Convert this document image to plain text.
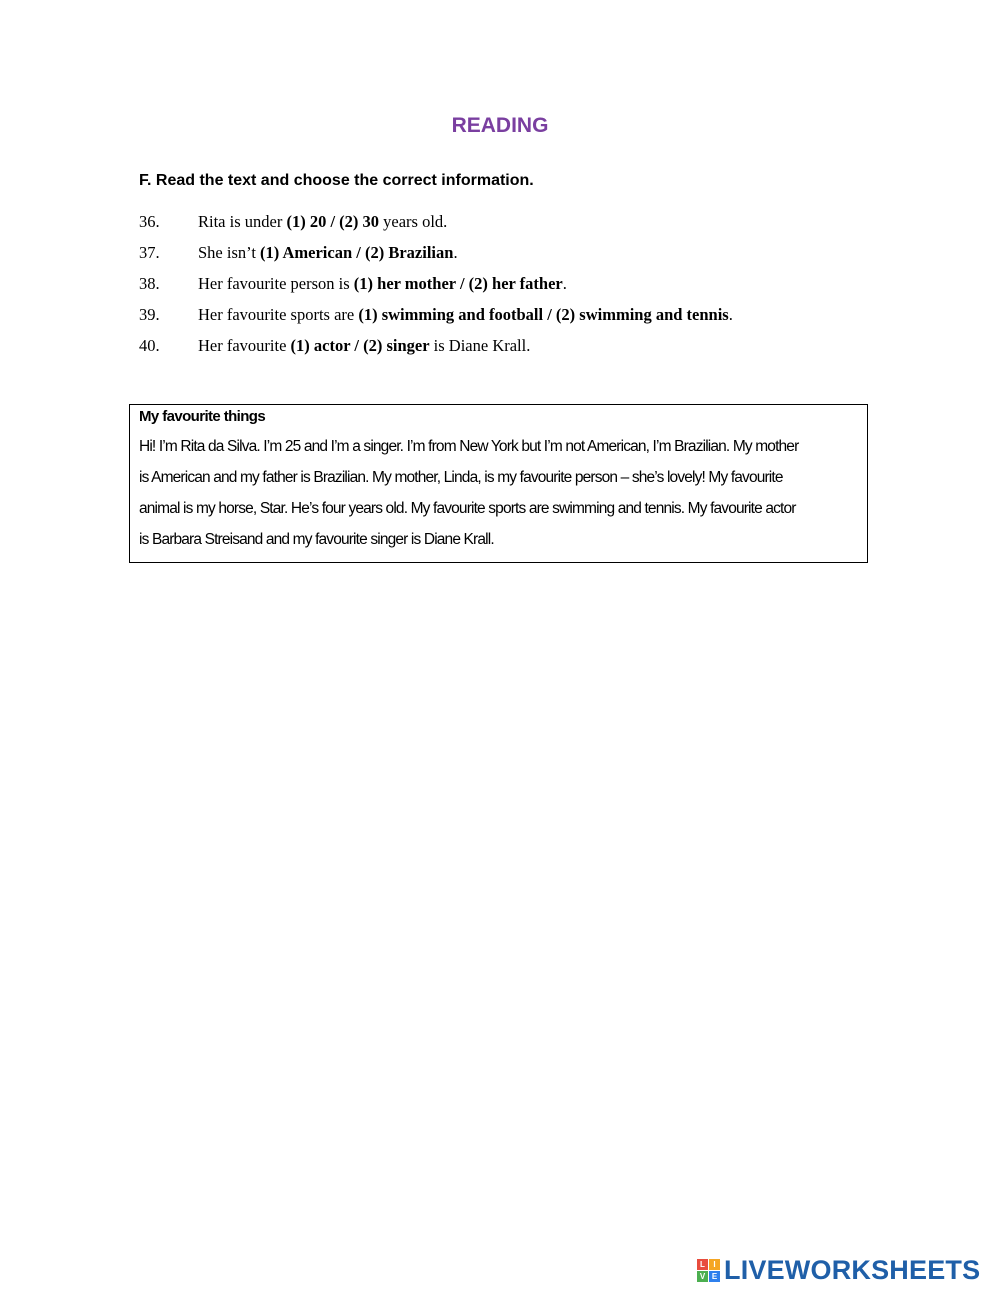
READING
F. Read the text and choose the correct information.
36. Rita is under (1) 20 / (2) 30 years old.
37. She isn’t (1) American / (2) Brazilian.
38. Her favourite person is (1) her mother / (2) her father.
39. Her favourite sports are (1) swimming and football / (2) swimming and tennis.
40. Her favourite (1) actor / (2) singer is Diane Krall.
My favourite things
Hi! I’m Rita da Silva. I’m 25 and I’m a singer. I’m from New York but I’m not American, I’m Brazilian. My mother
is American and my father is Brazilian. My mother, Linda, is my favourite person – she’s lovely! My favourite
animal is my horse, Star. He’s four years old. My favourite sports are swimming and tennis. My favourite actor
is Barbara Streisand and my favourite singer is Diane Krall.
L	I
V E LIVEWORKSHEETS
